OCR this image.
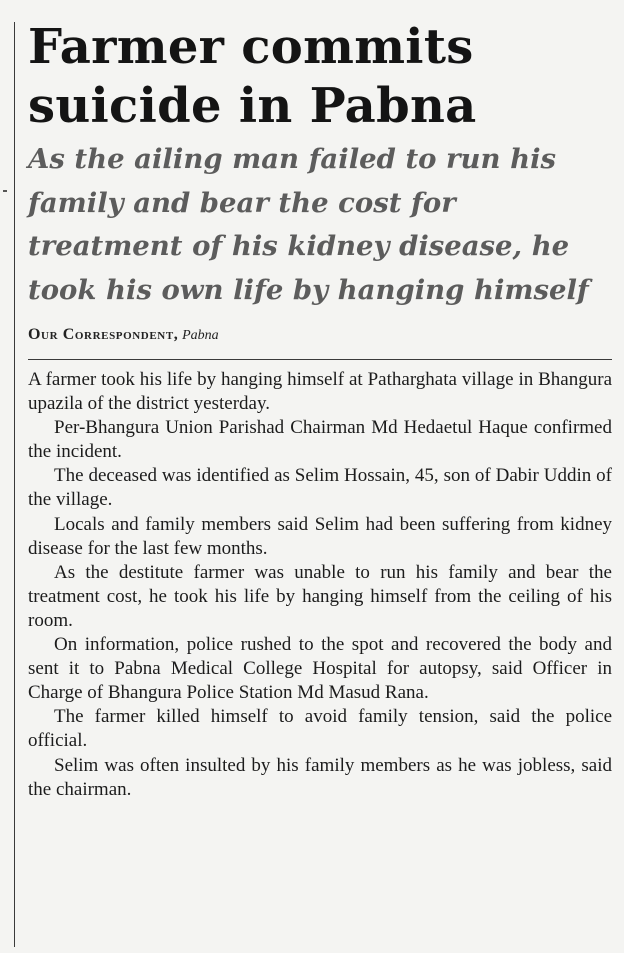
Farmer commits suicide in Pabna
As the ailing man failed to run his family and bear the cost for treatment of his kidney disease, he took his own life by hanging himself
Our Correspondent, Pabna

A farmer took his life by hanging himself at Patharghata village in Bhangura upazila of the district yesterday.

Per-Bhangura Union Parishad Chairman Md Hedaetul Haque confirmed the incident.

The deceased was identified as Selim Hossain, 45, son of Dabir Uddin of the village.

Locals and family members said Selim had been suffering from kidney disease for the last few months.

As the destitute farmer was unable to run his family and bear the treatment cost, he took his life by hanging himself from the ceiling of his room.

On information, police rushed to the spot and recovered the body and sent it to Pabna Medical College Hospital for autopsy, said Officer in Charge of Bhangura Police Station Md Masud Rana.

The farmer killed himself to avoid family tension, said the police official.

Selim was often insulted by his family members as he was jobless, said the chairman.
